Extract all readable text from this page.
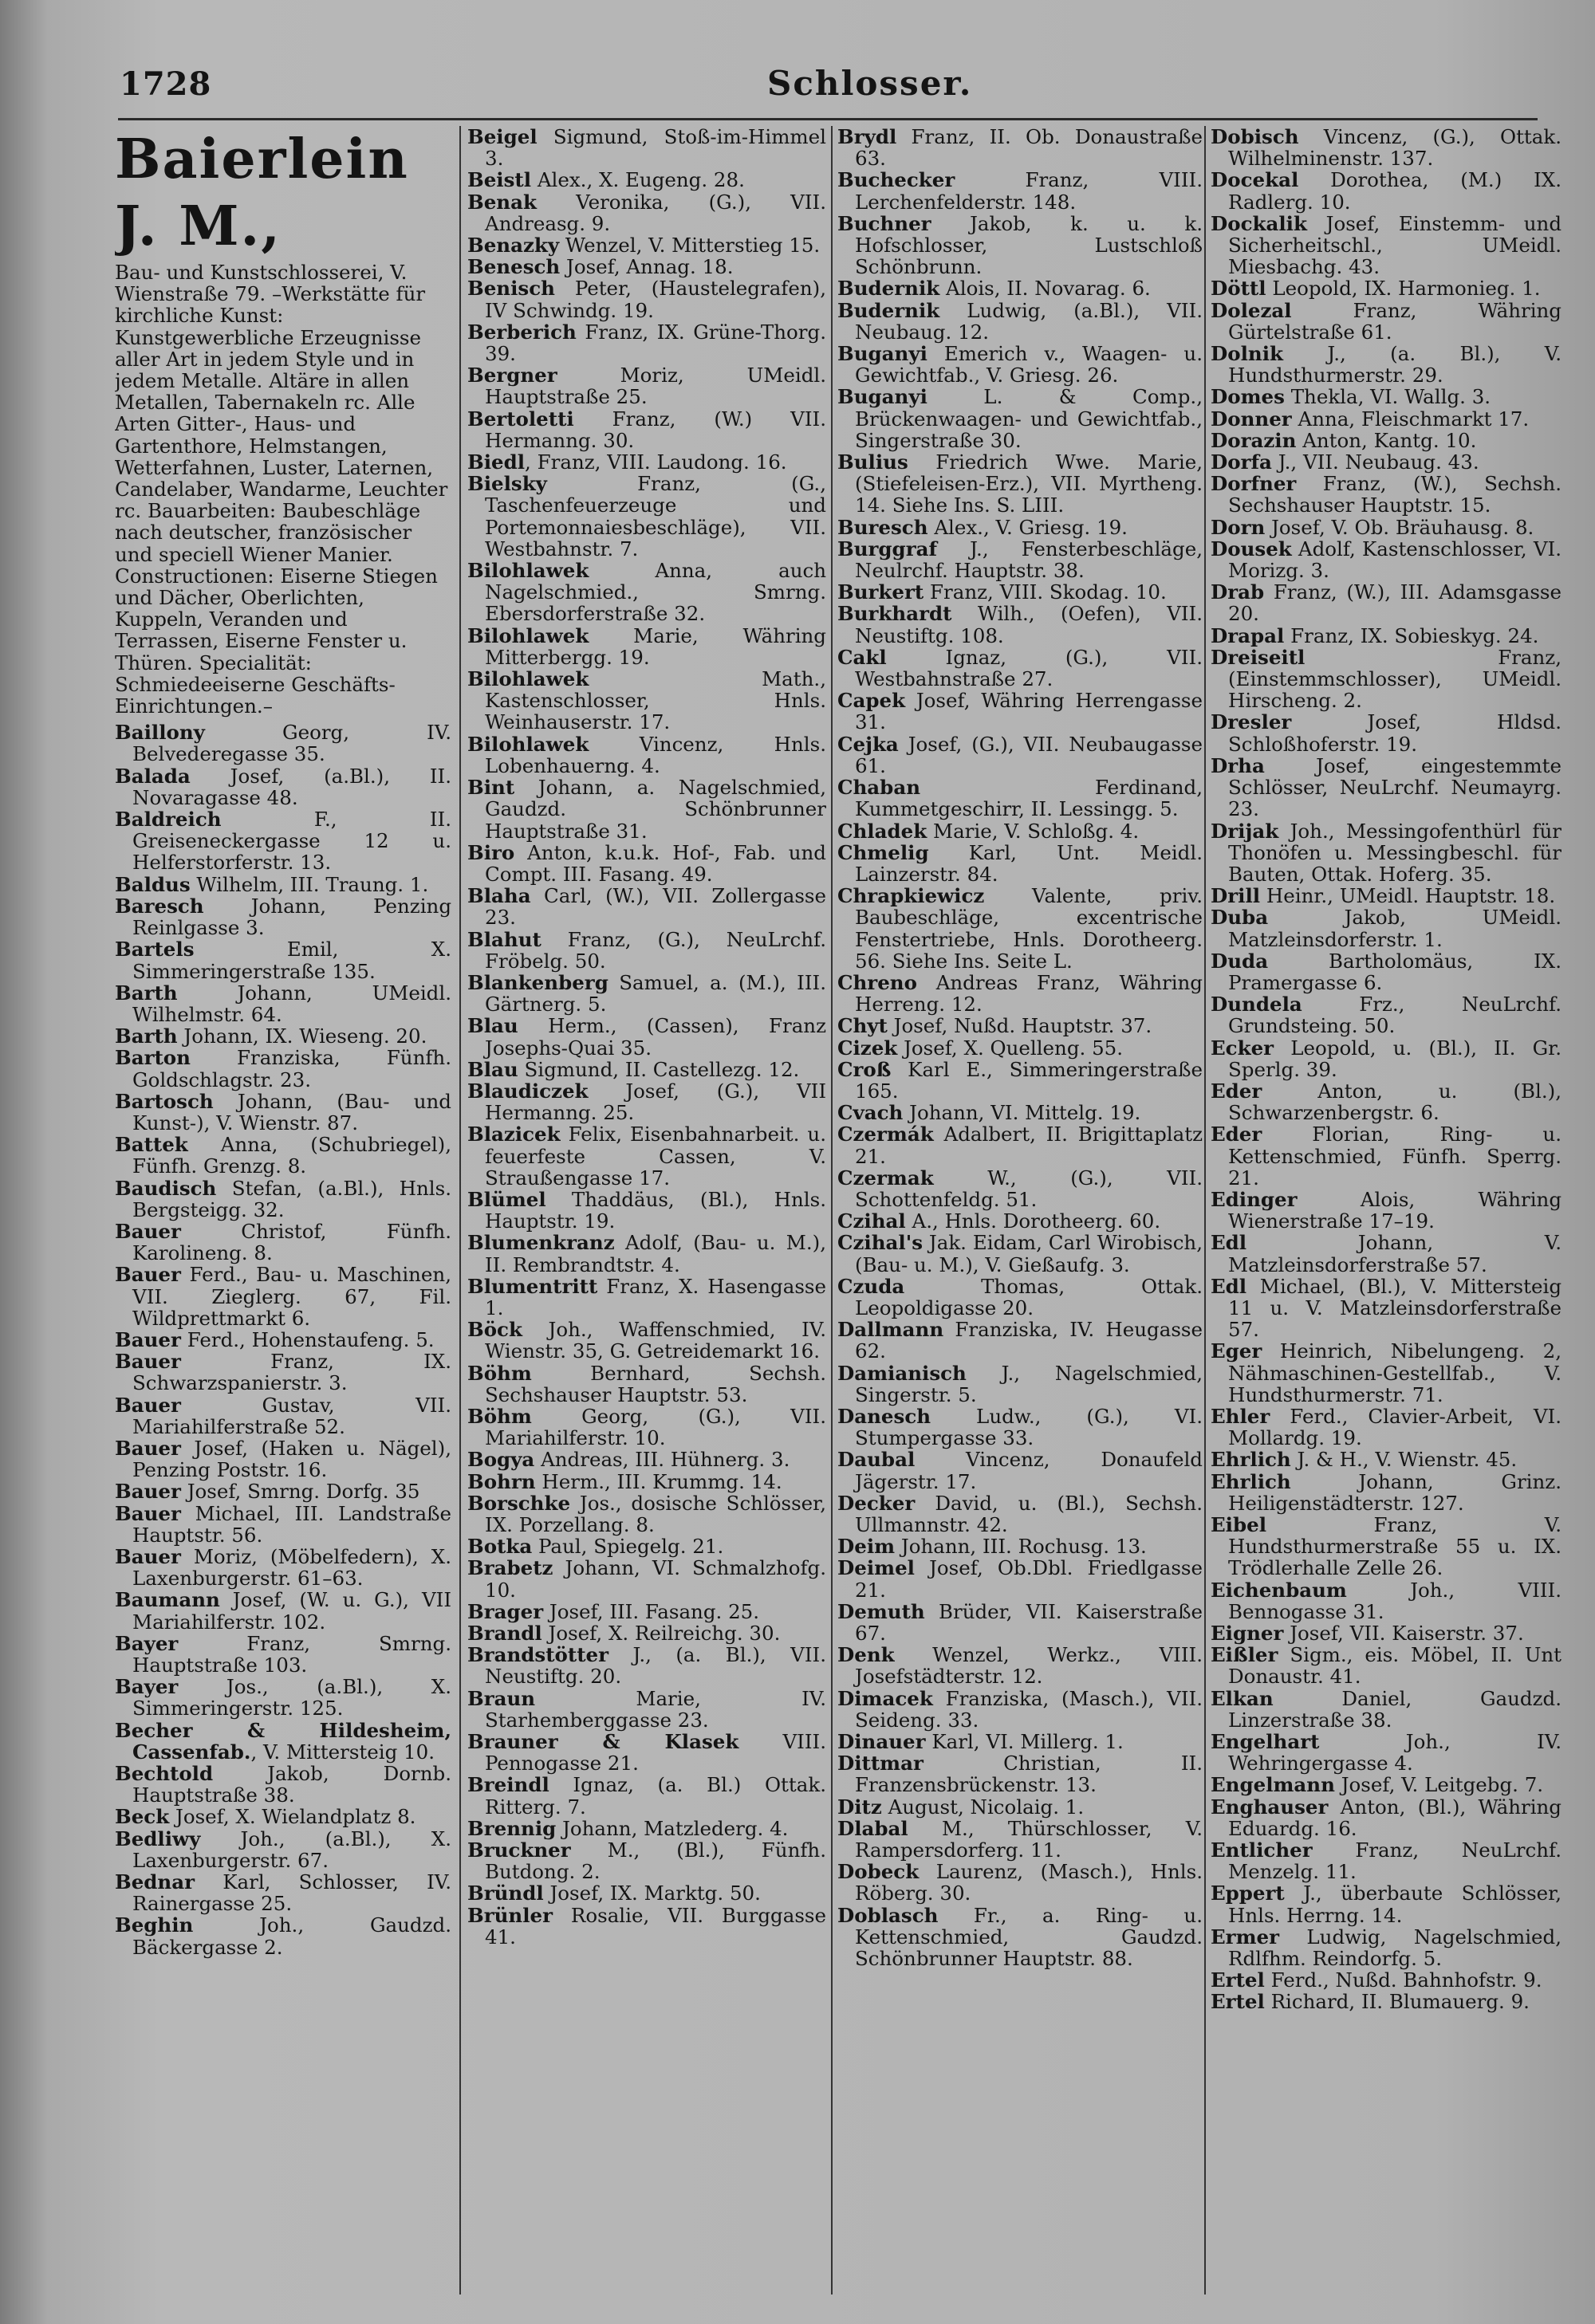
1728	Schlosser.
Baierlein J. M.,
Bau- und Kunstschlosserei, V. Wienstraße 79. –Werkstätte für kirchliche Kunst: Kunstgewerbliche Erzeugnisse aller Art in jedem Style und in jedem Metalle. Altäre in allen Metallen, Tabernakeln rc. Alle Arten Gitter-, Haus- und Gartenthore, Helmstangen, Wetterfahnen, Luster, Laternen, Candelaber, Wandarme, Leuchter rc. Bauarbeiten: Baubeschläge nach deutscher, französischer und speciell Wiener Manier. Constructionen: Eiserne Stiegen und Dächer, Oberlichten, Kuppeln, Veranden und Terrassen, Eiserne Fenster u. Thüren. Specialität: Schmiedeeiserne Geschäfts-Einrichtungen.–
Baillony Georg, IV. Belvederegasse 35.
Balada Josef, (a.Bl.), II. Novaragasse 48.
Baldreich F., II. Greiseneckergasse 12 u. Helferstorferstr. 13.
Baldus Wilhelm, III. Traung. 1.
Baresch Johann, Penzing Reinlgasse 3.
Bartels Emil, X. Simmeringerstraße 135.
Barth Johann, UMeidl. Wilhelmstr. 64.
Barth Johann, IX. Wieseng. 20.
Barton Franziska, Fünfh. Goldschlagstr. 23.
Bartosch Johann, (Bau- und Kunst-), V. Wienstr. 87.
Battek Anna, (Schubriegel), Fünfh. Grenzg. 8.
Baudisch Stefan, (a.Bl.), Hnls. Bergsteigg. 32.
Bauer Christof, Fünfh. Karolineng. 8.
Bauer Ferd., Bau- u. Maschinen, VII. Zieglerg. 67, Fil. Wildprettmarkt 6.
Bauer Ferd., Hohenstaufeng. 5.
Bauer Franz, IX. Schwarzspanierstr. 3.
Bauer Gustav, VII. Mariahilferstraße 52.
Bauer Josef, (Haken u. Nägel), Penzing Poststr. 16.
Bauer Josef, Smrng. Dorfg. 35
Bauer Michael, III. Landstraße Hauptstr. 56.
Bauer Moriz, (Möbelfedern), X. Laxenburgerstr. 61–63.
Baumann Josef, (W. u. G.), VII Mariahilferstr. 102.
Bayer Franz, Smrng. Hauptstraße 103.
Bayer Jos., (a.Bl.), X. Simmeringerstr. 125.
Becher & Hildesheim, Cassenfab., V. Mittersteig 10.
Bechtold Jakob, Dornb. Hauptstraße 38.
Beck Josef, X. Wielandplatz 8.
Bedliwy Joh., (a.Bl.), X. Laxenburgerstr. 67.
Bednar Karl, Schlosser, IV. Rainergasse 25.
Beghin Joh., Gaudzd. Bäckergasse 2.
Beigel Sigmund, Stoß-im-Himmel 3.
Beistl Alex., X. Eugeng. 28.
Benak Veronika, (G.), VII. Andreasg. 9.
Benazky Wenzel, V. Mitterstieg 15.
Benesch Josef, Annag. 18.
Benisch Peter, (Haustelegrafen), IV Schwindg. 19.
Berberich Franz, IX. Grüne-Thorg. 39.
Bergner Moriz, UMeidl. Hauptstraße 25.
Bertoletti Franz, (W.) VII. Hermanng. 30.
Biedl, Franz, VIII. Laudong. 16.
Bielsky Franz, (G., Taschenfeuerzeuge und Portemonnaiesbeschläge), VII. Westbahnstr. 7.
Bilohlawek Anna, auch Nagelschmied., Smrng. Ebersdorferstraße 32.
Bilohlawek Marie, Währing Mitterbergg. 19.
Bilohlawek Math., Kastenschlosser, Hnls. Weinhauserstr. 17.
Bilohlawek Vincenz, Hnls. Lobenhauerng. 4.
Bint Johann, a. Nagelschmied, Gaudzd. Schönbrunner Hauptstraße 31.
Biro Anton, k.u.k. Hof-, Fab. und Compt. III. Fasang. 49.
Blaha Carl, (W.), VII. Zollergasse 23.
Blahut Franz, (G.), NeuLrchf. Fröbelg. 50.
Blankenberg Samuel, a. (M.), III. Gärtnerg. 5.
Blau Herm., (Cassen), Franz Josephs-Quai 35.
Blau Sigmund, II. Castellezg. 12.
Blaudiczek Josef, (G.), VII Hermanng. 25.
Blazicek Felix, Eisenbahnarbeit. u. feuerfeste Cassen, V. Straußengasse 17.
Blümel Thaddäus, (Bl.), Hnls. Hauptstr. 19.
Blumenkranz Adolf, (Bau- u. M.), II. Rembrandtstr. 4.
Blumentritt Franz, X. Hasengasse 1.
Böck Joh., Waffenschmied, IV. Wienstr. 35, G. Getreidemarkt 16.
Böhm Bernhard, Sechsh. Sechshauser Hauptstr. 53.
Böhm Georg, (G.), VII. Mariahilferstr. 10.
Bogya Andreas, III. Hühnerg. 3.
Bohrn Herm., III. Krummg. 14.
Borschke Jos., dosische Schlösser, IX. Porzellang. 8.
Botka Paul, Spiegelg. 21.
Brabetz Johann, VI. Schmalzhofg. 10.
Brager Josef, III. Fasang. 25.
Brandl Josef, X. Reilreichg. 30.
Brandstötter J., (a. Bl.), VII. Neustiftg. 20.
Braun Marie, IV. Starhemberggasse 23.
Brauner & Klasek VIII. Pennogasse 21.
Breindl Ignaz, (a. Bl.) Ottak. Ritterg. 7.
Brennig Johann, Matzlederg. 4.
Bruckner M., (Bl.), Fünfh. Butdong. 2.
Bründl Josef, IX. Marktg. 50.
Brünler Rosalie, VII. Burggasse 41.
Brydl Franz, II. Ob. Donaustraße 63.
Buchecker Franz, VIII. Lerchenfelderstr. 148.
Buchner Jakob, k. u. k. Hofschlosser, Lustschloß Schönbrunn.
Budernik Alois, II. Novarag. 6.
Budernik Ludwig, (a.Bl.), VII. Neubaug. 12.
Buganyi Emerich v., Waagen- u. Gewichtfab., V. Griesg. 26.
Buganyi L. & Comp., Brückenwaagen- und Gewichtfab., Singerstraße 30.
Bulius Friedrich Wwe. Marie, (Stiefeleisen-Erz.), VII. Myrtheng. 14. Siehe Ins. S. LIII.
Buresch Alex., V. Griesg. 19.
Burggraf J., Fensterbeschläge, Neulrchf. Hauptstr. 38.
Burkert Franz, VIII. Skodag. 10.
Burkhardt Wilh., (Oefen), VII. Neustiftg. 108.
Cakl Ignaz, (G.), VII. Westbahnstraße 27.
Capek Josef, Währing Herrengasse 31.
Cejka Josef, (G.), VII. Neubaugasse 61.
Chaban Ferdinand, Kummetgeschirr, II. Lessingg. 5.
Chladek Marie, V. Schloßg. 4.
Chmelig Karl, Unt. Meidl. Lainzerstr. 84.
Chrapkiewicz Valente, priv. Baubeschläge, excentrische Fenstertriebe, Hnls. Dorotheerg. 56. Siehe Ins. Seite L.
Chreno Andreas Franz, Währing Herreng. 12.
Chyt Josef, Nußd. Hauptstr. 37.
Cizek Josef, X. Quelleng. 55.
Croß Karl E., Simmeringerstraße 165.
Cvach Johann, VI. Mittelg. 19.
Czermák Adalbert, II. Brigittaplatz 21.
Czermak W., (G.), VII. Schottenfeldg. 51.
Czihal A., Hnls. Dorotheerg. 60.
Czihal's Jak. Eidam, Carl Wirobisch, (Bau- u. M.), V. Gießaufg. 3.
Czuda Thomas, Ottak. Leopoldigasse 20.
Dallmann Franziska, IV. Heugasse 62.
Damianisch J., Nagelschmied, Singerstr. 5.
Danesch Ludw., (G.), VI. Stumpergasse 33.
Daubal Vincenz, Donaufeld Jägerstr. 17.
Decker David, u. (Bl.), Sechsh. Ullmannstr. 42.
Deim Johann, III. Rochusg. 13.
Deimel Josef, Ob.Dbl. Friedlgasse 21.
Demuth Brüder, VII. Kaiserstraße 67.
Denk Wenzel, Werkz., VIII. Josefstädterstr. 12.
Dimacek Franziska, (Masch.), VII. Seideng. 33.
Dinauer Karl, VI. Millerg. 1.
Dittmar Christian, II. Franzensbrückenstr. 13.
Ditz August, Nicolaig. 1.
Dlabal M., Thürschlosser, V. Rampersdorferg. 11.
Dobeck Laurenz, (Masch.), Hnls. Röberg. 30.
Doblasch Fr., a. Ring- u. Kettenschmied, Gaudzd. Schönbrunner Hauptstr. 88.
Dobisch Vincenz, (G.), Ottak. Wilhelminenstr. 137.
Docekal Dorothea, (M.) IX. Radlerg. 10.
Dockalik Josef, Einstemm- und Sicherheitschl., UMeidl. Miesbachg. 43.
Döttl Leopold, IX. Harmonieg. 1.
Dolezal Franz, Währing Gürtelstraße 61.
Dolnik J., (a. Bl.), V. Hundsthurmerstr. 29.
Domes Thekla, VI. Wallg. 3.
Donner Anna, Fleischmarkt 17.
Dorazin Anton, Kantg. 10.
Dorfa J., VII. Neubaug. 43.
Dorfner Franz, (W.), Sechsh. Sechshauser Hauptstr. 15.
Dorn Josef, V. Ob. Bräuhausg. 8.
Dousek Adolf, Kastenschlosser, VI. Morizg. 3.
Drab Franz, (W.), III. Adamsgasse 20.
Drapal Franz, IX. Sobieskyg. 24.
Dreiseitl Franz, (Einstemmschlosser), UMeidl. Hirscheng. 2.
Dresler Josef, Hldsd. Schloßhoferstr. 19.
Drha Josef, eingestemmte Schlösser, NeuLrchf. Neumayrg. 23.
Drijak Joh., Messingofenthürl für Thonöfen u. Messingbeschl. für Bauten, Ottak. Hoferg. 35.
Drill Heinr., UMeidl. Hauptstr. 18.
Duba Jakob, UMeidl. Matzleinsdorferstr. 1.
Duda Bartholomäus, IX. Pramergasse 6.
Dundela Frz., NeuLrchf. Grundsteing. 50.
Ecker Leopold, u. (Bl.), II. Gr. Sperlg. 39.
Eder Anton, u. (Bl.), Schwarzenbergstr. 6.
Eder Florian, Ring- u. Kettenschmied, Fünfh. Sperrg. 21.
Edinger Alois, Währing Wienerstraße 17–19.
Edl Johann, V. Matzleinsdorferstraße 57.
Edl Michael, (Bl.), V. Mittersteig 11 u. V. Matzleinsdorferstraße 57.
Eger Heinrich, Nibelungeng. 2, Nähmaschinen-Gestellfab., V. Hundsthurmerstr. 71.
Ehler Ferd., Clavier-Arbeit, VI. Mollardg. 19.
Ehrlich J. & H., V. Wienstr. 45.
Ehrlich Johann, Grinz. Heiligenstädterstr. 127.
Eibel Franz, V. Hundsthurmerstraße 55 u. IX. Trödlerhalle Zelle 26.
Eichenbaum Joh., VIII. Bennogasse 31.
Eigner Josef, VII. Kaiserstr. 37.
Eißler Sigm., eis. Möbel, II. Unt Donaustr. 41.
Elkan Daniel, Gaudzd. Linzerstraße 38.
Engelhart Joh., IV. Wehringergasse 4.
Engelmann Josef, V. Leitgebg. 7.
Enghauser Anton, (Bl.), Währing Eduardg. 16.
Entlicher Franz, NeuLrchf. Menzelg. 11.
Eppert J., überbaute Schlösser, Hnls. Herrng. 14.
Ermer Ludwig, Nagelschmied, Rdlfhm. Reindorfg. 5.
Ertel Ferd., Nußd. Bahnhofstr. 9.
Ertel Richard, II. Blumauerg. 9.
